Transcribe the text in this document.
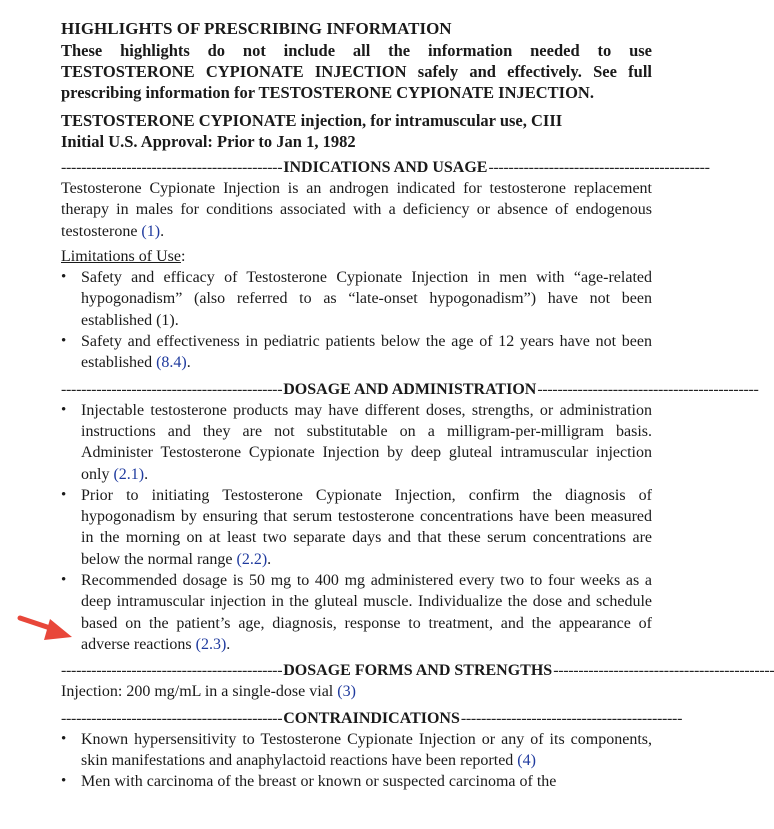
HIGHLIGHTS OF PRESCRIBING INFORMATION
These highlights do not include all the information needed to use TESTOSTERONE CYPIONATE INJECTION safely and effectively. See full prescribing information for TESTOSTERONE CYPIONATE INJECTION.
TESTOSTERONE CYPIONATE injection, for intramuscular use, CIII
Initial U.S. Approval: Prior to Jan 1, 1982
-------------------------------------------- INDICATIONS AND USAGE --------------------------------------------
Testosterone Cypionate Injection is an androgen indicated for testosterone replacement therapy in males for conditions associated with a deficiency or absence of endogenous testosterone (1).
Limitations of Use:
• Safety and efficacy of Testosterone Cypionate Injection in men with “age-related hypogonadism” (also referred to as “late-onset hypogonadism”) have not been established (1).
• Safety and effectiveness in pediatric patients below the age of 12 years have not been established (8.4).
-------------------------------------------- DOSAGE AND ADMINISTRATION --------------------------------------------
• Injectable testosterone products may have different doses, strengths, or administration instructions and they are not substitutable on a milligram-per-milligram basis. Administer Testosterone Cypionate Injection by deep gluteal intramuscular injection only (2.1).
• Prior to initiating Testosterone Cypionate Injection, confirm the diagnosis of hypogonadism by ensuring that serum testosterone concentrations have been measured in the morning on at least two separate days and that these serum concentrations are below the normal range (2.2).
• Recommended dosage is 50 mg to 400 mg administered every two to four weeks as a deep intramuscular injection in the gluteal muscle. Individualize the dose and schedule based on the patient’s age, diagnosis, response to treatment, and the appearance of adverse reactions (2.3).
-------------------------------------------- DOSAGE FORMS AND STRENGTHS --------------------------------------------
Injection: 200 mg/mL in a single-dose vial (3)
-------------------------------------------- CONTRAINDICATIONS --------------------------------------------
• Known hypersensitivity to Testosterone Cypionate Injection or any of its components, skin manifestations and anaphylactoid reactions have been reported (4)
• Men with carcinoma of the breast or known or suspected carcinoma of the
